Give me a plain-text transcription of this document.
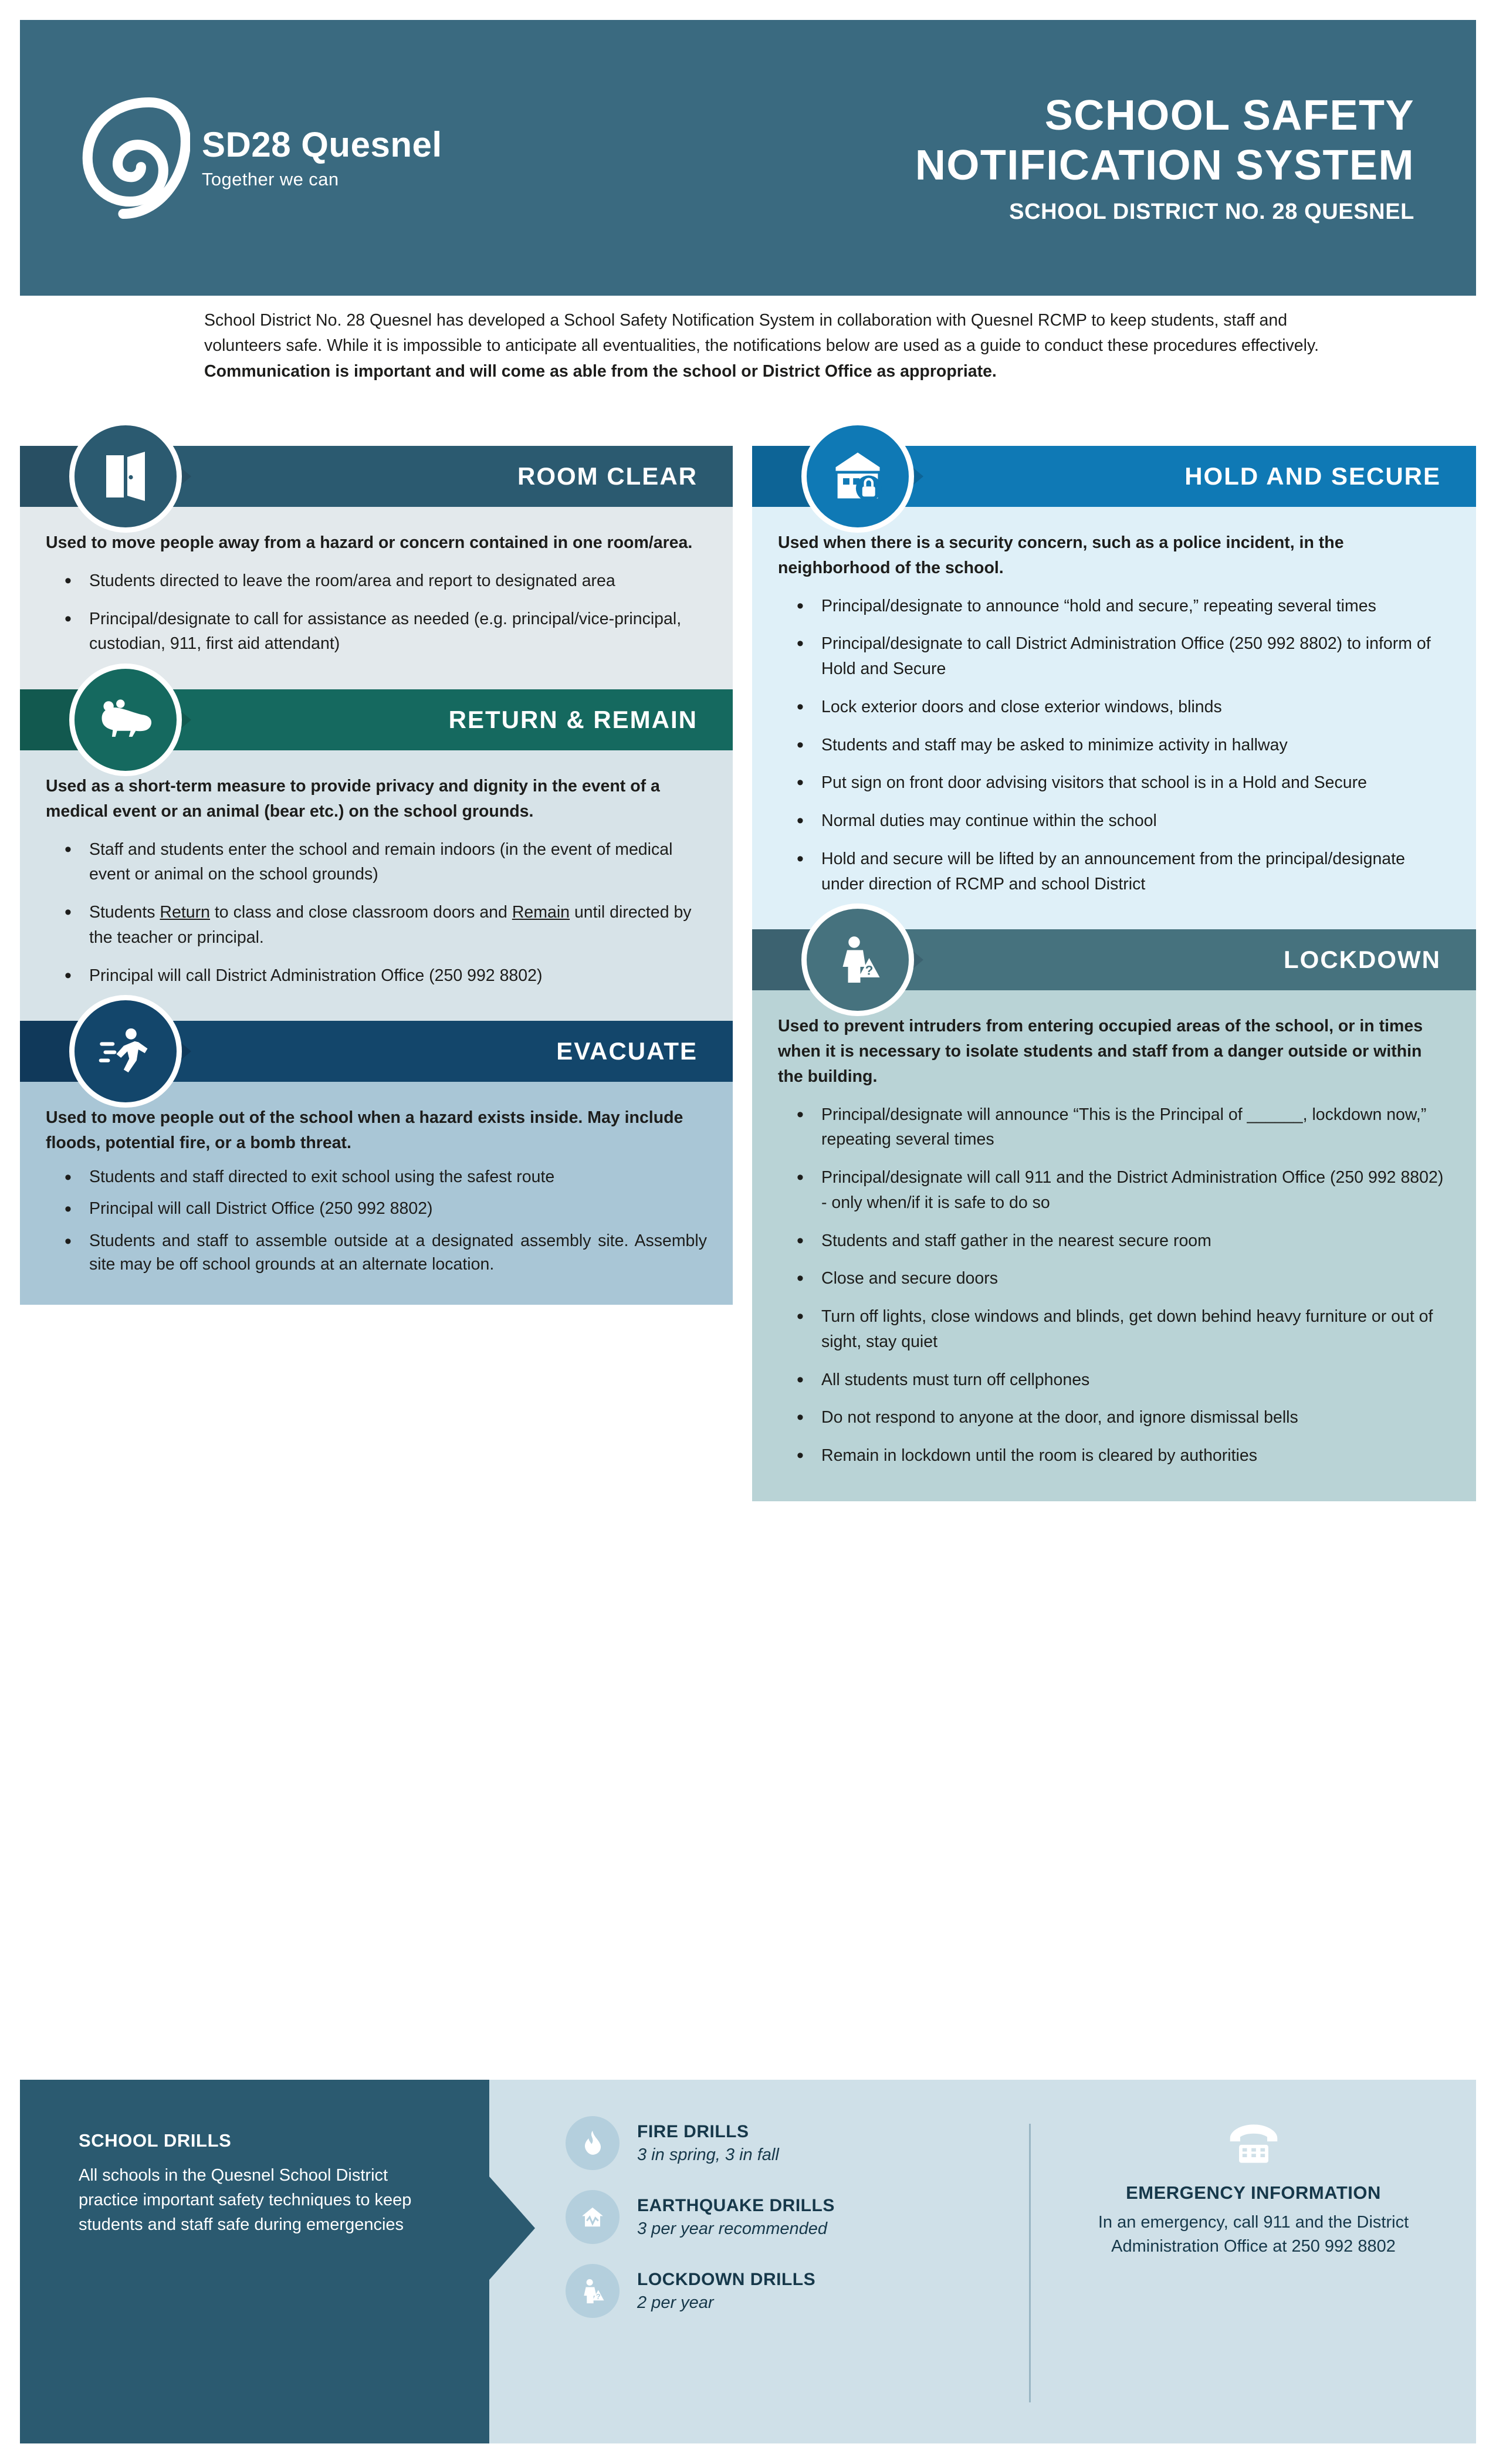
SD28 Quesnel
Together we can
SCHOOL SAFETY
NOTIFICATION SYSTEM
SCHOOL DISTRICT NO. 28 QUESNEL
School District No. 28 Quesnel has developed a School Safety Notification System in collaboration with Quesnel RCMP to keep students, staff and volunteers safe. While it is impossible to anticipate all eventualities, the notifications below are used as a guide to conduct these procedures effectively. Communication is important and will come as able from the school or District Office as appropriate.
ROOM CLEAR

Used to move people away from a hazard or concern contained in one room/area.

• Students directed to leave the room/area and report to designated area
• Principal/designate to call for assistance as needed (e.g. principal/vice-principal, custodian, 911, first aid attendant)
RETURN & REMAIN

Used as a short-term measure to provide privacy and dignity in the event of a medical event or an animal (bear etc.) on the school grounds.

• Staff and students enter the school and remain indoors (in the event of medical event or animal on the school grounds)
• Students Return to class and close classroom doors and Remain until directed by the teacher or principal.
• Principal will call District Administration Office (250 992 8802)
EVACUATE

Used to move people out of the school when a hazard exists inside. May include floods, potential fire, or a bomb threat.

• Students and staff directed to exit school using the safest route
• Principal will call District Office (250 992 8802)
• Students and staff to assemble outside at a designated assembly site. Assembly site may be off school grounds at an alternate location.
HOLD AND SECURE

Used when there is a security concern, such as a police incident, in the neighborhood of the school.

• Principal/designate to announce “hold and secure,” repeating several times
• Principal/designate to call District Administration Office (250 992 8802) to inform of Hold and Secure
• Lock exterior doors and close exterior windows, blinds
• Students and staff may be asked to minimize activity in hallway
• Put sign on front door advising visitors that school is in a Hold and Secure
• Normal duties may continue within the school
• Hold and secure will be lifted by an announcement from the principal/designate under direction of RCMP and school District
?	LOCKDOWN

Used to prevent intruders from entering occupied areas of the school, or in times when it is necessary to isolate students and staff from a danger outside or within the building.

• Principal/designate will announce “This is the Principal of ______, lockdown now,” repeating several times
• Principal/designate will call 911 and the District Administration Office (250 992 8802) - only when/if it is safe to do so
• Students and staff gather in the nearest secure room
• Close and secure doors
• Turn off lights, close windows and blinds, get down behind heavy furniture or out of sight, stay quiet
• All students must turn off cellphones
• Do not respond to anyone at the door, and ignore dismissal bells
• Remain in lockdown until the room is cleared by authorities
SCHOOL DRILLS

All schools in the Quesnel School District practice important safety techniques to keep students and staff safe during emergencies

FIRE DRILLS
3 in spring, 3 in fall
EARTHQUAKE DRILLS
3 per year recommended
?
LOCKDOWN DRILLS
2 per year
EMERGENCY INFORMATION

In an emergency, call 911 and the District Administration Office at 250 992 8802
